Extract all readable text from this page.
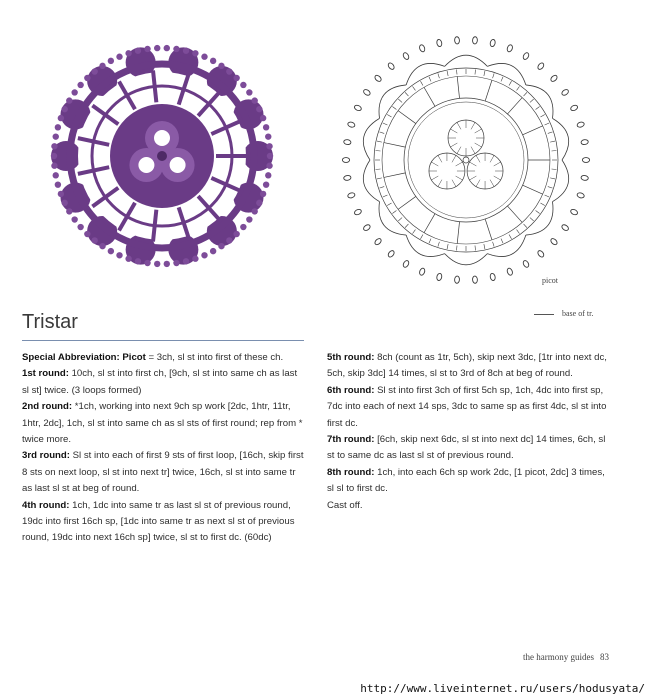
picot
base of tr.
Tristar

Special Abbreviation: Picot = 3ch, sl st into first of these ch.

1st round: 10ch, sl st into first ch, [9ch, sl st into same ch as last sl st] twice. (3 loops formed)

2nd round: *1ch, working into next 9ch sp work [2dc, 1htr, 11tr, 1htr, 2dc], 1ch, sl st into same ch as sl sts of first round; rep from * twice more.

3rd round: Sl st into each of first 9 sts of first loop, [16ch, skip first 8 sts on next loop, sl st into next tr] twice, 16ch, sl st into same tr as last sl st at beg of round.

4th round: 1ch, 1dc into same tr as last sl st of previous round, 19dc into first 16ch sp, [1dc into same tr as next sl st of previous round, 19dc into next 16ch sp] twice, sl st to first dc. (60dc)

5th round: 8ch (count as 1tr, 5ch), skip next 3dc, [1tr into next dc, 5ch, skip 3dc] 14 times, sl st to 3rd of 8ch at beg of round.

6th round: Sl st into first 3ch of first 5ch sp, 1ch, 4dc into first sp, 7dc into each of next 14 sps, 3dc to same sp as first 4dc, sl st into first dc.

7th round: [6ch, skip next 6dc, sl st into next dc] 14 times, 6ch, sl st to same dc as last sl st of previous round.

8th round: 1ch, into each 6ch sp work 2dc, [1 picot, 2dc] 3 times, sl sl to first dc.

Cast off.

the harmony guides 83
http://www.liveinternet.ru/users/hodusyata/
